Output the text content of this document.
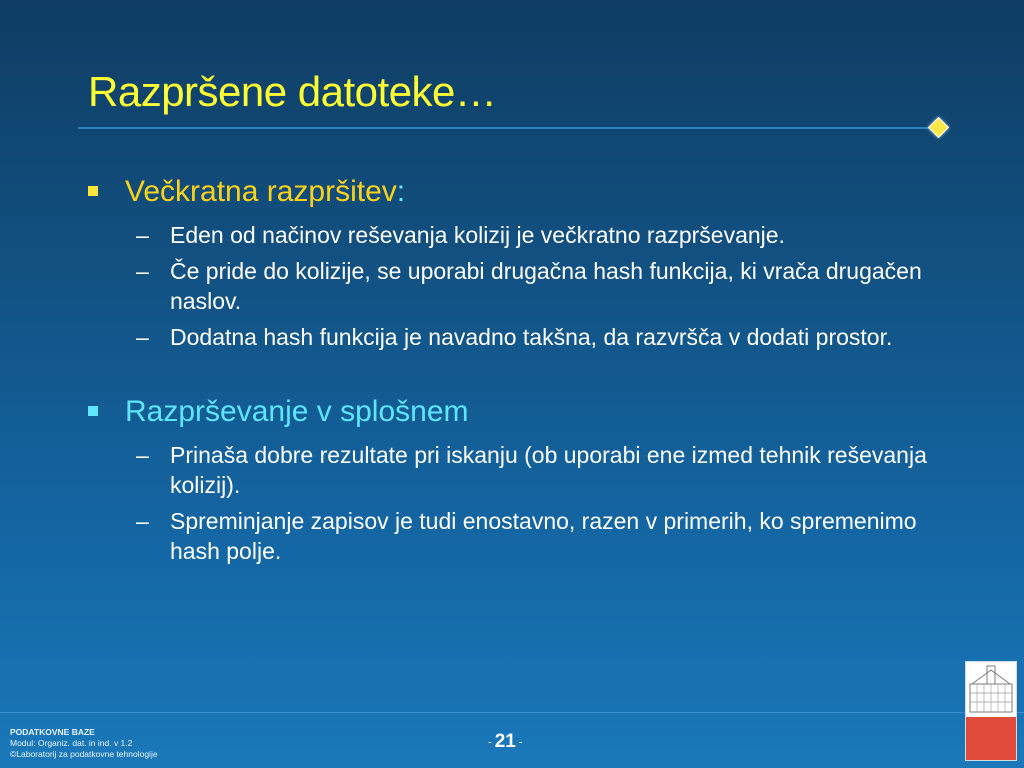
Razpršene datoteke…
Večkratna razpršitev :
– Eden od načinov reševanja kolizij je večkratno razprševanje.
– Če pride do kolizije, se uporabi drugačna hash funkcija, ki vrača drugačen naslov.
– Dodatna hash funkcija je navadno takšna, da razvršča v dodati prostor.
Razprševanje v splošnem
– Prinaša dobre rezultate pri iskanju (ob uporabi ene izmed tehnik reševanja kolizij).
– Spreminjanje zapisov je tudi enostavno, razen v primerih, ko spremenimo hash polje.
PODATKOVNE BAZE
Modul: Organiz. dat. in ind. v 1.2
©Laboratorij za podatkovne tehnologije
- 21 -
